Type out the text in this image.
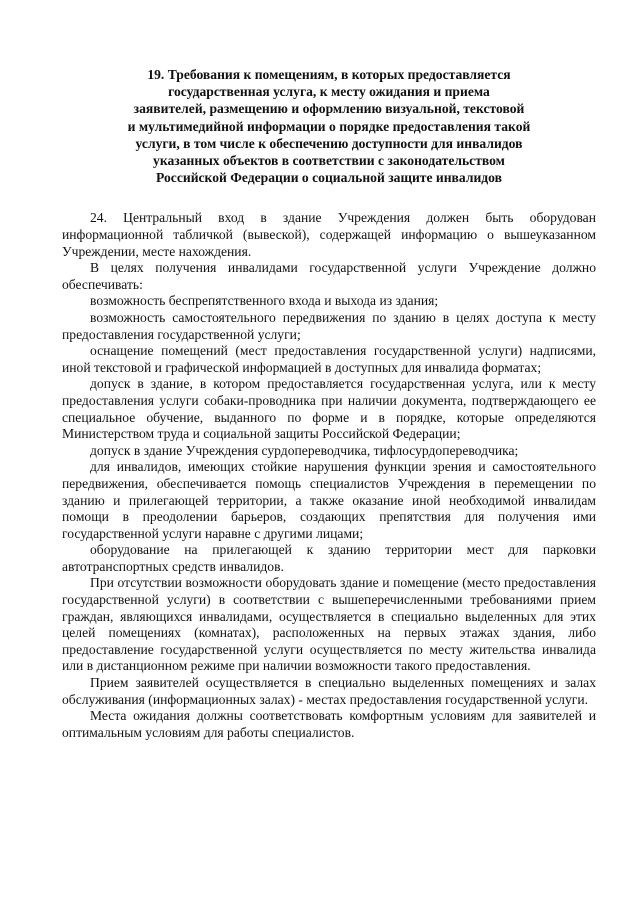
19. Требования к помещениям, в которых предоставляется
государственная услуга, к месту ожидания и приема
заявителей, размещению и оформлению визуальной, текстовой
и мультимедийной информации о порядке предоставления такой
услуги, в том числе к обеспечению доступности для инвалидов
указанных объектов в соответствии с законодательством
Российской Федерации о социальной защите инвалидов

24. Центральный вход в здание Учреждения должен быть оборудован информационной табличкой (вывеской), содержащей информацию о вышеуказанном Учреждении, месте нахождения.

В целях получения инвалидами государственной услуги Учреждение должно обеспечивать:

возможность беспрепятственного входа и выхода из здания;

возможность самостоятельного передвижения по зданию в целях доступа к месту предоставления государственной услуги;

оснащение помещений (мест предоставления государственной услуги) надписями, иной текстовой и графической информацией в доступных для инвалида форматах;

допуск в здание, в котором предоставляется государственная услуга, или к месту предоставления услуги собаки-проводника при наличии документа, подтверждающего ее специальное обучение, выданного по форме и в порядке, которые определяются Министерством труда и социальной защиты Российской Федерации;

допуск в здание Учреждения сурдопереводчика, тифлосурдопереводчика;

для инвалидов, имеющих стойкие нарушения функции зрения и самостоятельного передвижения, обеспечивается помощь специалистов Учреждения в перемещении по зданию и прилегающей территории, а также оказание иной необходимой инвалидам помощи в преодолении барьеров, создающих препятствия для получения ими государственной услуги наравне с другими лицами;

оборудование на прилегающей к зданию территории мест для парковки автотранспортных средств инвалидов.

При отсутствии возможности оборудовать здание и помещение (место предоставления государственной услуги) в соответствии с вышеперечисленными требованиями прием граждан, являющихся инвалидами, осуществляется в специально выделенных для этих целей помещениях (комнатах), расположенных на первых этажах здания, либо предоставление государственной услуги осуществляется по месту жительства инвалида или в дистанционном режиме при наличии возможности такого предоставления.

Прием заявителей осуществляется в специально выделенных помещениях и залах обслуживания (информационных залах) - местах предоставления государственной услуги.

Места ожидания должны соответствовать комфортным условиям для заявителей и оптимальным условиям для работы специалистов.
